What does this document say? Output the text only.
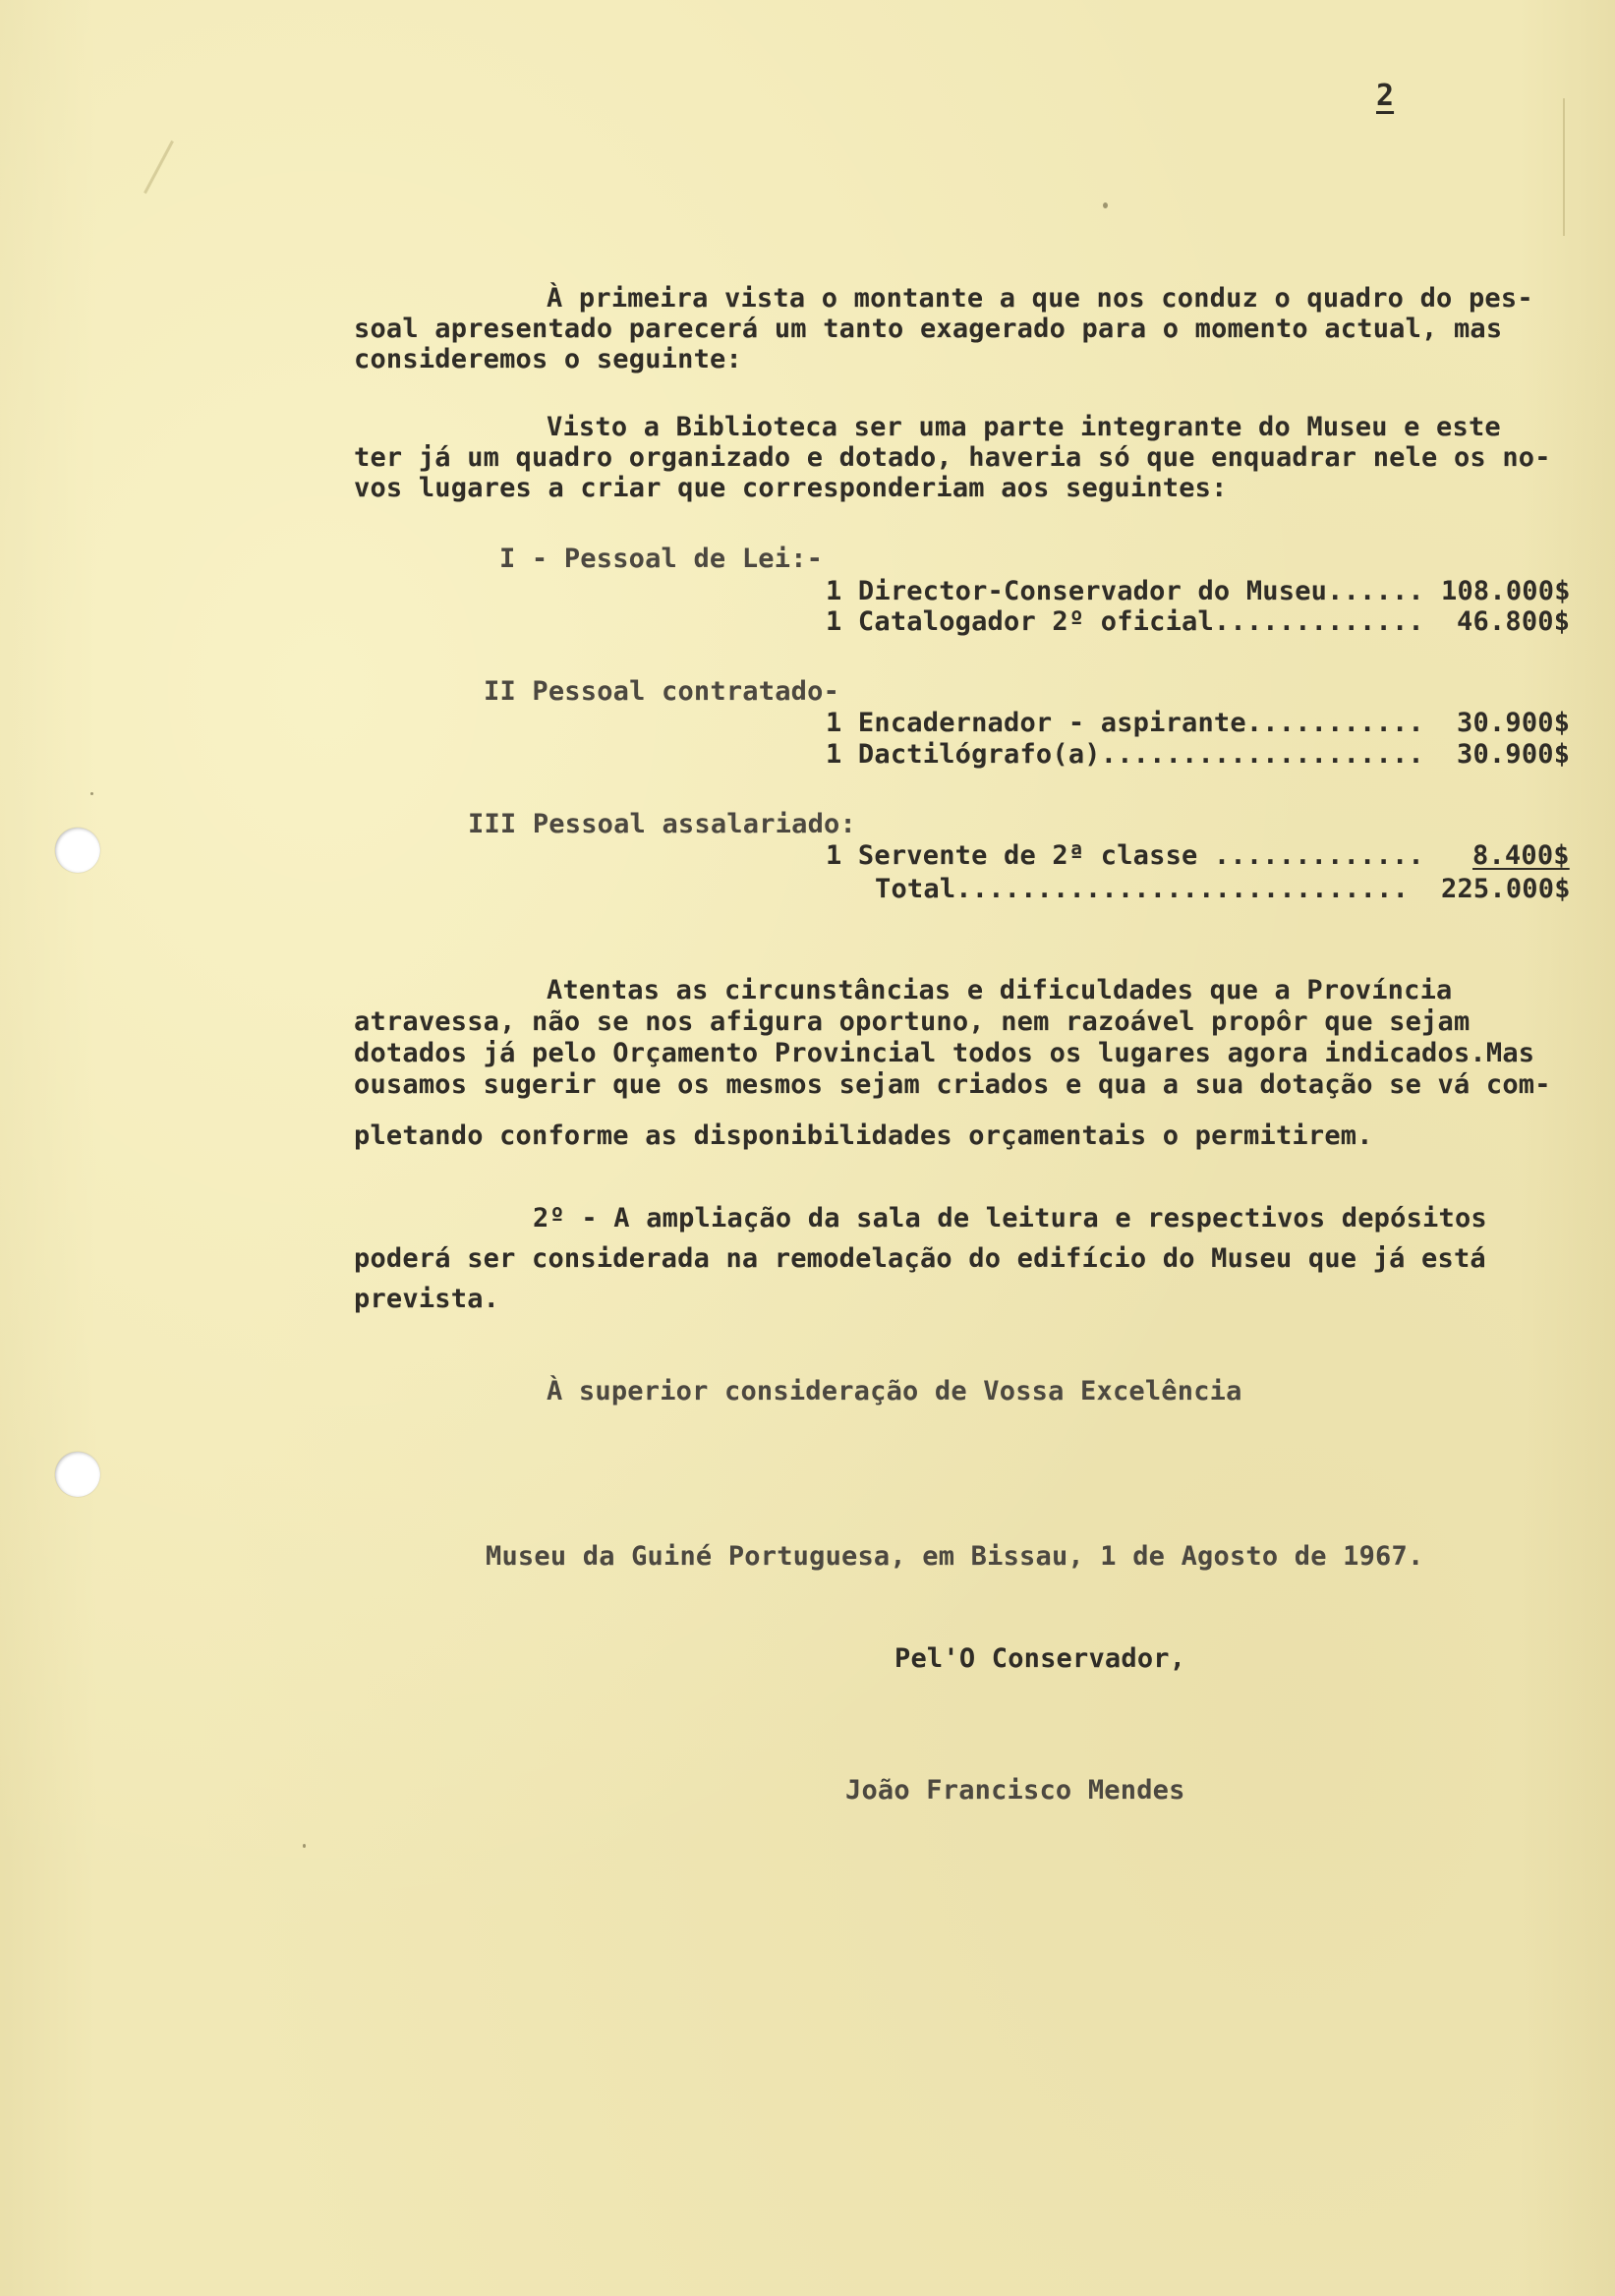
2
À primeira vista o montante a que nos conduz o quadro do pes-
soal apresentado parecerá um tanto exagerado para o momento actual, mas
consideremos o seguinte:
Visto a Biblioteca ser uma parte integrante do Museu e este
ter já um quadro organizado e dotado, haveria só que enquadrar nele os no-
vos lugares a criar que corresponderiam aos seguintes:
I - Pessoal de Lei:-
1 Director-Conservador do Museu...... 108.000$
1 Catalogador 2º oficial............. 46.800$
II Pessoal contratado-
1 Encadernador - aspirante........... 30.900$
1 Dactilógrafo(a).................... 30.900$
III Pessoal assalariado:
1 Servente de 2ª classe ............. 8.400$
Total............................ 225.000$
Atentas as circunstâncias e dificuldades que a Província
atravessa, não se nos afigura oportuno, nem razoável propôr que sejam
dotados já pelo Orçamento Provincial todos os lugares agora indicados.Mas
ousamos sugerir que os mesmos sejam criados e qua a sua dotação se vá com-
pletando conforme as disponibilidades orçamentais o permitirem.
2º - A ampliação da sala de leitura e respectivos depósitos
poderá ser considerada na remodelação do edifício do Museu que já está
prevista.
À superior consideração de Vossa Excelência
Museu da Guiné Portuguesa, em Bissau, 1 de Agosto de 1967.
Pel'O Conservador,
João Francisco Mendes
